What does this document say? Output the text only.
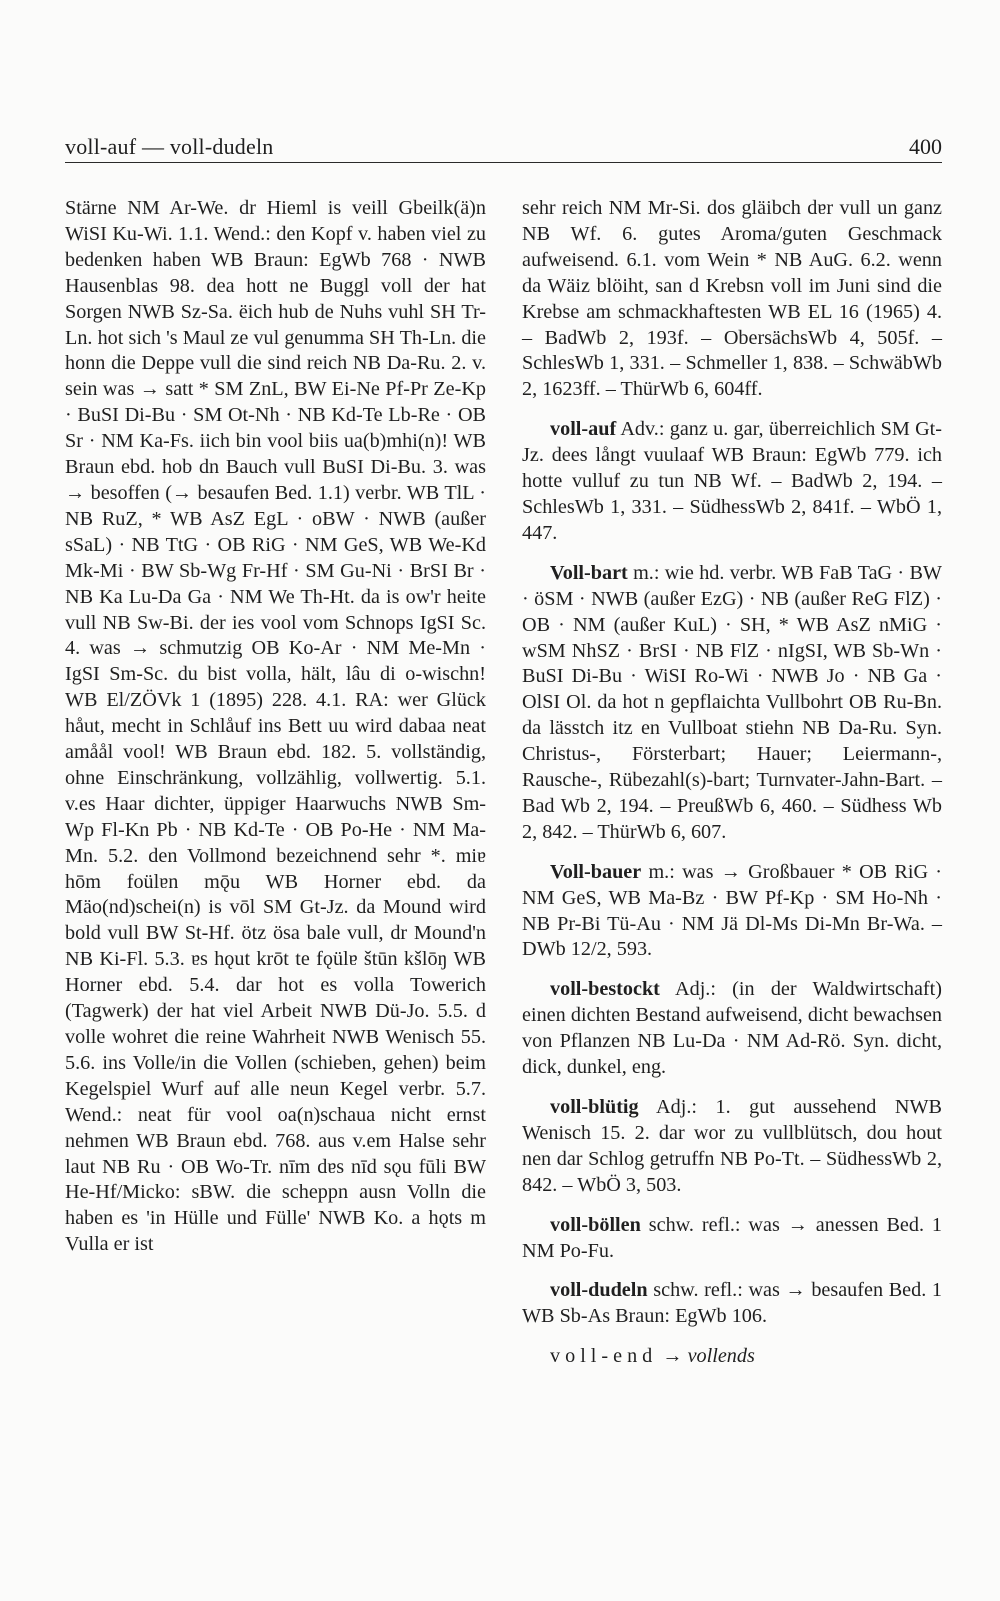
voll-auf — voll-dudeln	400

Stärne NM Ar-We. dr Hieml is veill Gbeilk(ä)n WiSI Ku-Wi. 1.1. Wend.: den Kopf v. haben viel zu bedenken haben WB Braun: EgWb 768 · NWB Hausenblas 98. dea hott ne Buggl voll der hat Sorgen NWB Sz-Sa. ëich hub de Nuhs vuhl SH Tr-Ln. hot sich 's Maul ze vul genumma SH Th-Ln. die honn die Deppe vull die sind reich NB Da-Ru. 2. v. sein was → satt * SM ZnL, BW Ei-Ne Pf-Pr Ze-Kp · BuSI Di-Bu · SM Ot-Nh · NB Kd-Te Lb-Re · OB Sr · NM Ka-Fs. iich bin vool biis ua(b)mhi(n)! WB Braun ebd. hob dn Bauch vull BuSI Di-Bu. 3. was → besoffen (→ besaufen Bed. 1.1) verbr. WB TlL · NB RuZ, * WB AsZ EgL · oBW · NWB (außer sSaL) · NB TtG · OB RiG · NM GeS, WB We-Kd Mk-Mi · BW Sb-Wg Fr-Hf · SM Gu-Ni · BrSI Br · NB Ka Lu-Da Ga · NM We Th-Ht. da is ow'r heite vull NB Sw-Bi. der ies vool vom Schnops IgSI Sc. 4. was → schmutzig OB Ko-Ar · NM Me-Mn · IgSI Sm-Sc. du bist volla, hält, lâu di o-wischn! WB El/ZÖVk 1 (1895) 228. 4.1. RA: wer Glück håut, mecht in Schlåuf ins Bett uu wird dabaa neat amåål vool! WB Braun ebd. 182. 5. vollständig, ohne Einschränkung, vollzählig, vollwertig. 5.1. v.es Haar dichter, üppiger Haarwuchs NWB Sm-Wp Fl-Kn Pb · NB Kd-Te · OB Po-He · NM Ma-Mn. 5.2. den Vollmond bezeichnend sehr *. miɐ hōm foülɐn mǭu WB Horner ebd. da Mäo(nd)schei(n) is vōl SM Gt-Jz. da Mound wird bold vull BW St-Hf. ötz ösa bale vull, dr Mound'n NB Ki-Fl. 5.3. ɐs hǫut krōt te fǫülɐ štūn kšlōŋ WB Horner ebd. 5.4. dar hot es volla Towerich (Tagwerk) der hat viel Arbeit NWB Dü-Jo. 5.5. d volle wohret die reine Wahrheit NWB Wenisch 55. 5.6. ins Volle/in die Vollen (schieben, gehen) beim Kegelspiel Wurf auf alle neun Kegel verbr. 5.7. Wend.: neat für vool oa(n)schaua nicht ernst nehmen WB Braun ebd. 768. aus v.em Halse sehr laut NB Ru · OB Wo-Tr. nīm dɐs nīd sǫu fūli BW He-Hf/Micko: sBW. die scheppn ausn Volln die haben es 'in Hülle und Fülle' NWB Ko. a hǫts m Vulla er ist

sehr reich NM Mr-Si. dos gläibch dɐr vull un ganz NB Wf. 6. gutes Aroma/guten Geschmack aufweisend. 6.1. vom Wein * NB AuG. 6.2. wenn da Wäiz blöiht, san d Krebsn voll im Juni sind die Krebse am schmackhaftesten WB EL 16 (1965) 4. – BadWb 2, 193f. – ObersächsWb 4, 505f. – SchlesWb 1, 331. – Schmeller 1, 838. – SchwäbWb 2, 1623ff. – ThürWb 6, 604ff.

voll-auf Adv.: ganz u. gar, überreichlich SM Gt-Jz. dees långt vuulaaf WB Braun: EgWb 779. ich hotte vulluf zu tun NB Wf. – BadWb 2, 194. – SchlesWb 1, 331. – SüdhessWb 2, 841f. – WbÖ 1, 447.

Voll-bart m.: wie hd. verbr. WB FaB TaG · BW · öSM · NWB (außer EzG) · NB (außer ReG FlZ) · OB · NM (außer KuL) · SH, * WB AsZ nMiG · wSM NhSZ · BrSI · NB FlZ · nIgSI, WB Sb-Wn · BuSI Di-Bu · WiSI Ro-Wi · NWB Jo · NB Ga · OlSI Ol. da hot n gepflaichta Vullbohrt OB Ru-Bn. da lässtch itz en Vullboat stiehn NB Da-Ru. Syn. Christus-, Försterbart; Hauer; Leiermann-, Rausche-, Rübezahl(s)-bart; Turnvater-Jahn-Bart. – Bad Wb 2, 194. – PreußWb 6, 460. – Südhess Wb 2, 842. – ThürWb 6, 607.

Voll-bauer m.: was → Großbauer * OB RiG · NM GeS, WB Ma-Bz · BW Pf-Kp · SM Ho-Nh · NB Pr-Bi Tü-Au · NM Jä Dl-Ms Di-Mn Br-Wa. – DWb 12/2, 593.

voll-bestockt Adj.: (in der Waldwirtschaft) einen dichten Bestand aufweisend, dicht bewachsen von Pflanzen NB Lu-Da · NM Ad-Rö. Syn. dicht, dick, dunkel, eng.

voll-blütig Adj.: 1. gut aussehend NWB Wenisch 15. 2. dar wor zu vullblütsch, dou hout nen dar Schlog getruffn NB Po-Tt. – SüdhessWb 2, 842. – WbÖ 3, 503.

voll-böllen schw. refl.: was → anessen Bed. 1 NM Po-Fu.

voll-dudeln schw. refl.: was → besaufen Bed. 1 WB Sb-As Braun: EgWb 106.

voll-end → vollends
